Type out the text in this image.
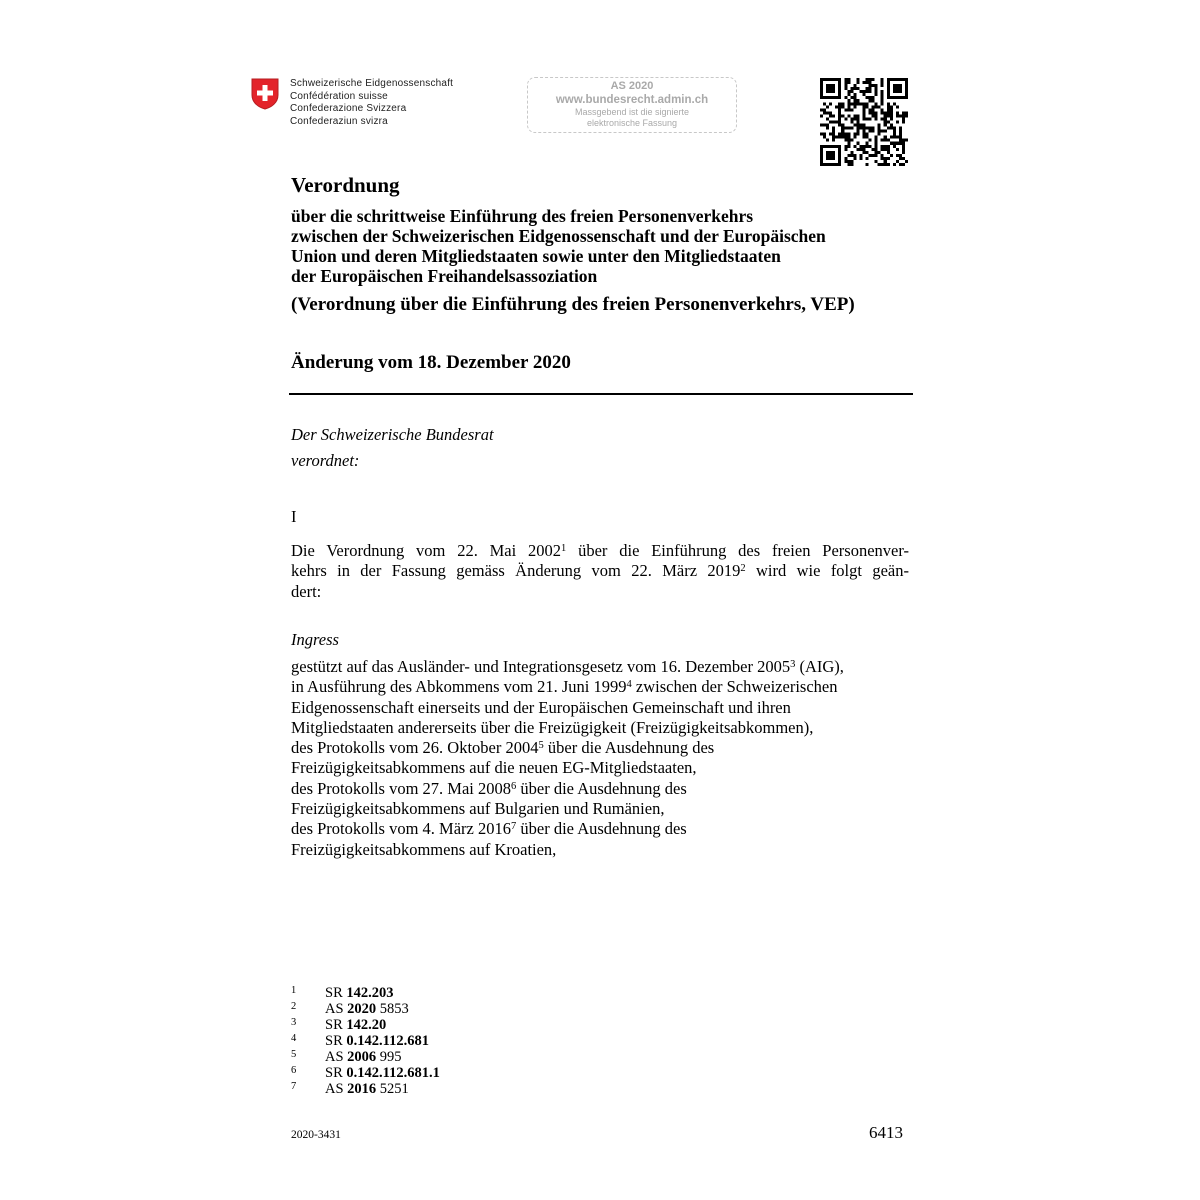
Schweizerische Eidgenossenschaft
Confédération suisse
Confederazione Svizzera
Confederaziun svizra
AS 2020
www.bundesrecht.admin.ch
Massgebend ist die signierte
elektronische Fassung
Verordnung
über die schrittweise Einführung des freien Personenverkehrs
zwischen der Schweizerischen Eidgenossenschaft und der Europäischen
Union und deren Mitgliedstaaten sowie unter den Mitgliedstaaten
der Europäischen Freihandelsassoziation
(Verordnung über die Einführung des freien Personenverkehrs, VEP)
Änderung vom 18. Dezember 2020
Der Schweizerische Bundesrat
verordnet:
I
Die Verordnung vom 22. Mai 2002$^1$ über die Einführung des freien Personenver-
kehrs in der Fassung gemäss Änderung vom 22. März 2019$^2$ wird wie folgt geän-
dert:
Ingress
gestützt auf das Ausländer- und Integrationsgesetz vom 16. Dezember 2005$^3$ (AIG),
in Ausführung des Abkommens vom 21. Juni 1999$^4$ zwischen der Schweizerischen
Eidgenossenschaft einerseits und der Europäischen Gemeinschaft und ihren
Mitgliedstaaten andererseits über die Freizügigkeit (Freizügigkeitsabkommen),
des Protokolls vom 26. Oktober 2004$^5$ über die Ausdehnung des
Freizügigkeitsabkommens auf die neuen EG-Mitgliedstaaten,
des Protokolls vom 27. Mai 2008$^6$ über die Ausdehnung des
Freizügigkeitsabkommens auf Bulgarien und Rumänien,
des Protokolls vom 4. März 2016$^7$ über die Ausdehnung des
Freizügigkeitsabkommens auf Kroatien,
1	SR 142.203
2	AS 2020 5853
3	SR 142.20
4	SR 0.142.112.681
5	AS 2006 995
6	SR 0.142.112.681.1
7	AS 2016 5251
2020-3431	6413
